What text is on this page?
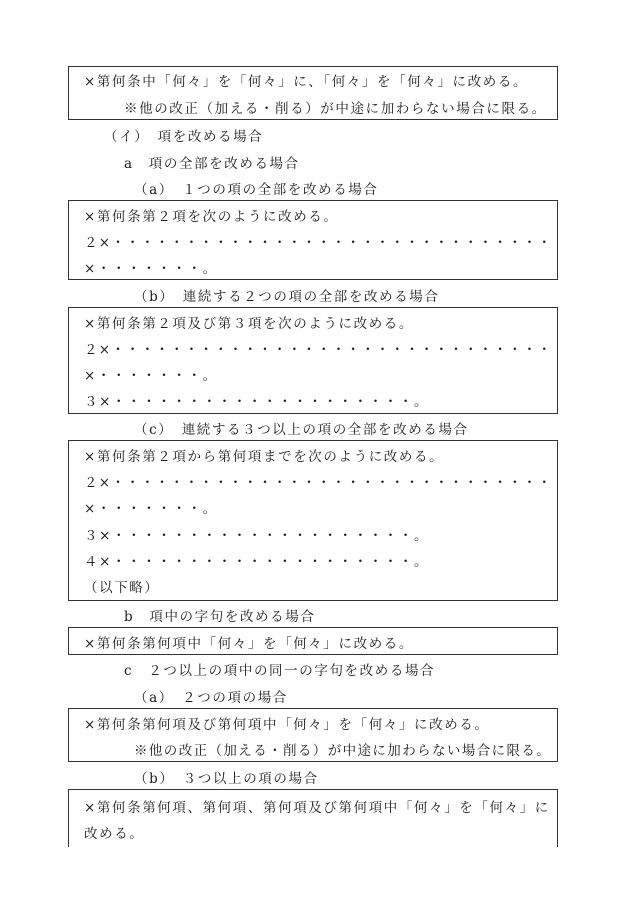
×第何条中「何々」を「何々」に、「何々」を「何々」に改める。
※他の改正（加える・削る）が中途に加わらない場合に限る。
（イ）　項を改める場合
a　項の全部を改める場合
（a）　１つの項の全部を改める場合
×第何条第２項を次のように改める。
２×・・・・・・・・・・・・・・・・・・・・・・・・・・・・・・
×・・・・・・・。
（b）　連続する２つの項の全部を改める場合
×第何条第２項及び第３項を次のように改める。
２×・・・・・・・・・・・・・・・・・・・・・・・・・・・・・・
×・・・・・・・。
３×・・・・・・・・・・・・・・・・・・・・。
（c）　連続する３つ以上の項の全部を改める場合
×第何条第２項から第何項までを次のように改める。
２×・・・・・・・・・・・・・・・・・・・・・・・・・・・・・・
×・・・・・・・。
３×・・・・・・・・・・・・・・・・・・・・。
４×・・・・・・・・・・・・・・・・・・・・。
（以下略）
b　項中の字句を改める場合
×第何条第何項中「何々」を「何々」に改める。
c　２つ以上の項中の同一の字句を改める場合
（a）　２つの項の場合
×第何条第何項及び第何項中「何々」を「何々」に改める。
※他の改正（加える・削る）が中途に加わらない場合に限る。
（b）　３つ以上の項の場合
×第何条第何項、第何項、第何項及び第何項中「何々」を「何々」に
改める。
